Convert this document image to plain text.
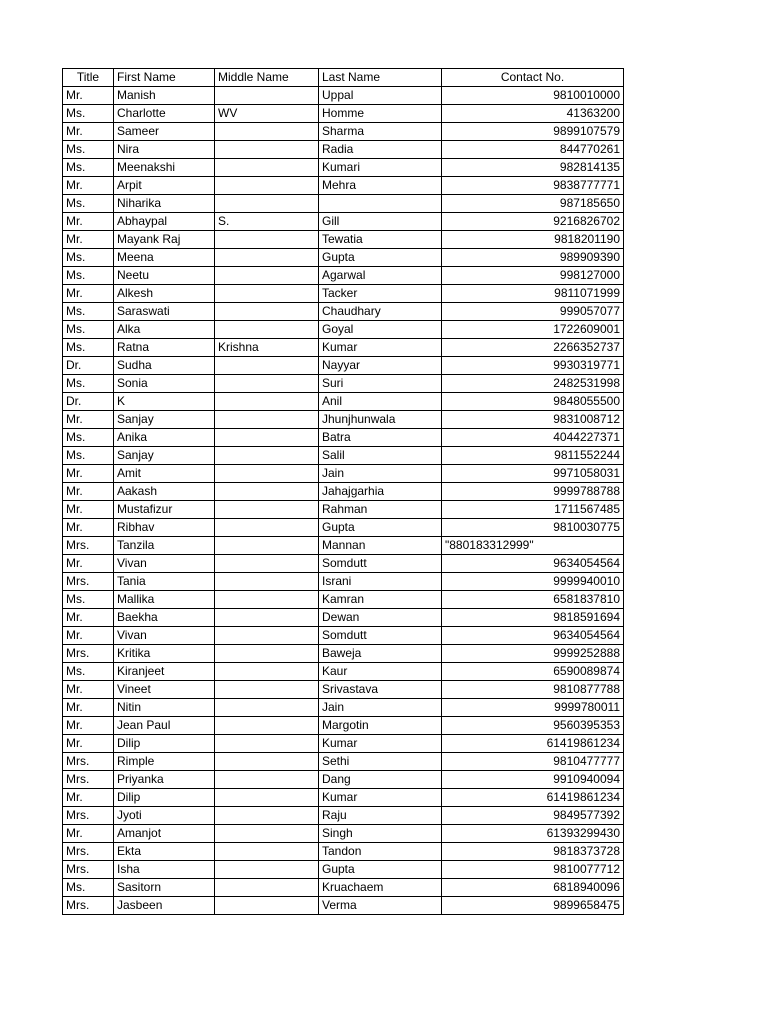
Title	First Name	Middle Name	Last Name	Contact No.
Mr.	Manish		Uppal	9810010000
Ms.	Charlotte	WV	Homme	41363200
Mr.	Sameer		Sharma	9899107579
Ms.	Nira		Radia	844770261
Ms.	Meenakshi		Kumari	982814135
Mr.	Arpit		Mehra	9838777771
Ms.	Niharika			987185650
Mr.	Abhaypal	S.	Gill	9216826702
Mr.	Mayank Raj		Tewatia	9818201190
Ms.	Meena		Gupta	989909390
Ms.	Neetu		Agarwal	998127000
Mr.	Alkesh		Tacker	9811071999
Ms.	Saraswati		Chaudhary	999057077
Ms.	Alka		Goyal	1722609001
Ms.	Ratna	Krishna	Kumar	2266352737
Dr.	Sudha		Nayyar	9930319771
Ms.	Sonia		Suri	2482531998
Dr.	K		Anil	9848055500
Mr.	Sanjay		Jhunjhunwala	9831008712
Ms.	Anika		Batra	4044227371
Ms.	Sanjay		Salil	9811552244
Mr.	Amit		Jain	9971058031
Mr.	Aakash		Jahajgarhia	9999788788
Mr.	Mustafizur		Rahman	1711567485
Mr.	Ribhav		Gupta	9810030775
Mrs.	Tanzila		Mannan	"880183312999"
Mr.	Vivan		Somdutt	9634054564
Mrs.	Tania		Israni	9999940010
Ms.	Mallika		Kamran	6581837810
Mr.	Baekha		Dewan	9818591694
Mr.	Vivan		Somdutt	9634054564
Mrs.	Kritika		Baweja	9999252888
Ms.	Kiranjeet		Kaur	6590089874
Mr.	Vineet		Srivastava	9810877788
Mr.	Nitin		Jain	9999780011
Mr.	Jean Paul		Margotin	9560395353
Mr.	Dilip		Kumar	61419861234
Mrs.	Rimple		Sethi	9810477777
Mrs.	Priyanka		Dang	9910940094
Mr.	Dilip		Kumar	61419861234
Mrs.	Jyoti		Raju	9849577392
Mr.	Amanjot		Singh	61393299430
Mrs.	Ekta		Tandon	9818373728
Mrs.	Isha		Gupta	9810077712
Ms.	Sasitorn		Kruachaem	6818940096
Mrs.	Jasbeen		Verma	9899658475
